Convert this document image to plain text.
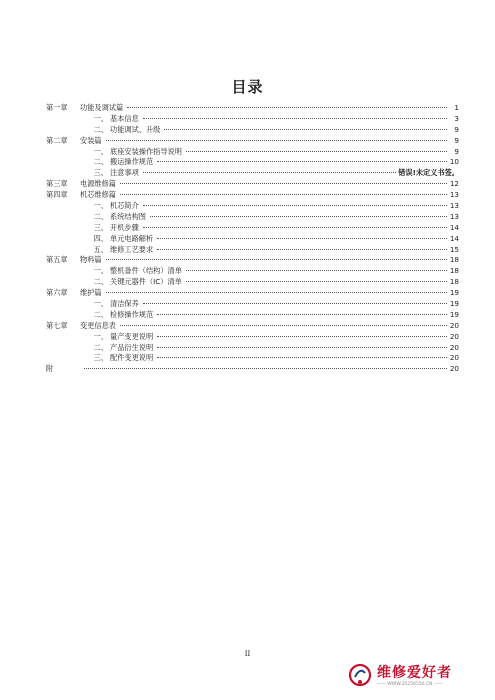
目录
第一章	功能及调试篇	1
一、 基本信息	3
二、 功能调试、升级	9
第二章	安装篇	9
一、 底座安装操作指导说明	9
二、 搬运操作规范	10
三、 注意事项	错误!未定义书签。
第三章	电源维修篇	12
第四章	机芯维修篇	13
一、 机芯简介	13
二、 系统结构图	13
三、 开机步骤	14
四、 单元电路解析	14
五、 维修工艺要求	15
第五章	物料篇	18
一、 整机备件（结构）清单	18
二、 关键元器件（IC）清单	18
第六章	维护篇	19
一、 清洁保养	19
二、 检修操作规范	19
第七章	变更信息表	20
一、 量产变更说明	20
二、 产品衍生说明	20
三、 配件变更说明	20
附	20
II
维修爱好者
—— WWW.35256556 CN ——
